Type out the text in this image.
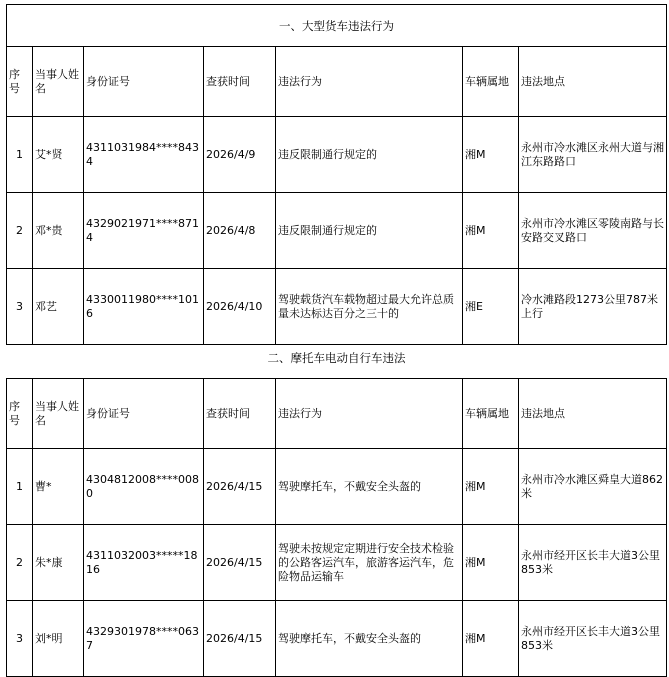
一、大型货车违法行为						
序号	当事人姓名	身份证号	查获时间	违法行为	车辆属地	违法地点
1	艾*贤	4311031984****8434	2026/4/9	违反限制通行规定的	湘M	永州市冷水滩区永州大道与湘江东路路口
2	邓*贵	4329021971****8714	2026/4/8	违反限制通行规定的	湘M	永州市冷水滩区零陵南路与长安路交叉路口
3	邓艺	4330011980****1016	2026/4/10	驾驶载货汽车载物超过最大允许总质量未达标达百分之三十的	湘E	冷水滩路段1273公里787米上行
二、摩托车电动自行车违法						
序号	当事人姓名	身份证号	查获时间	违法行为	车辆属地	违法地点
1	曹*	4304812008****0080	2026/4/15	驾驶摩托车，不戴安全头盔的	湘M	永州市冷水滩区舜皇大道862米
2	朱*康	4311032003*****1816	2026/4/15	驾驶未按规定定期进行安全技术检验的公路客运汽车，旅游客运汽车，危险物品运输车	湘M	永州市经开区长丰大道3公里853米
3	刘*明	4329301978****0637	2026/4/15	驾驶摩托车，不戴安全头盔的	湘M	永州市经开区长丰大道3公里853米
